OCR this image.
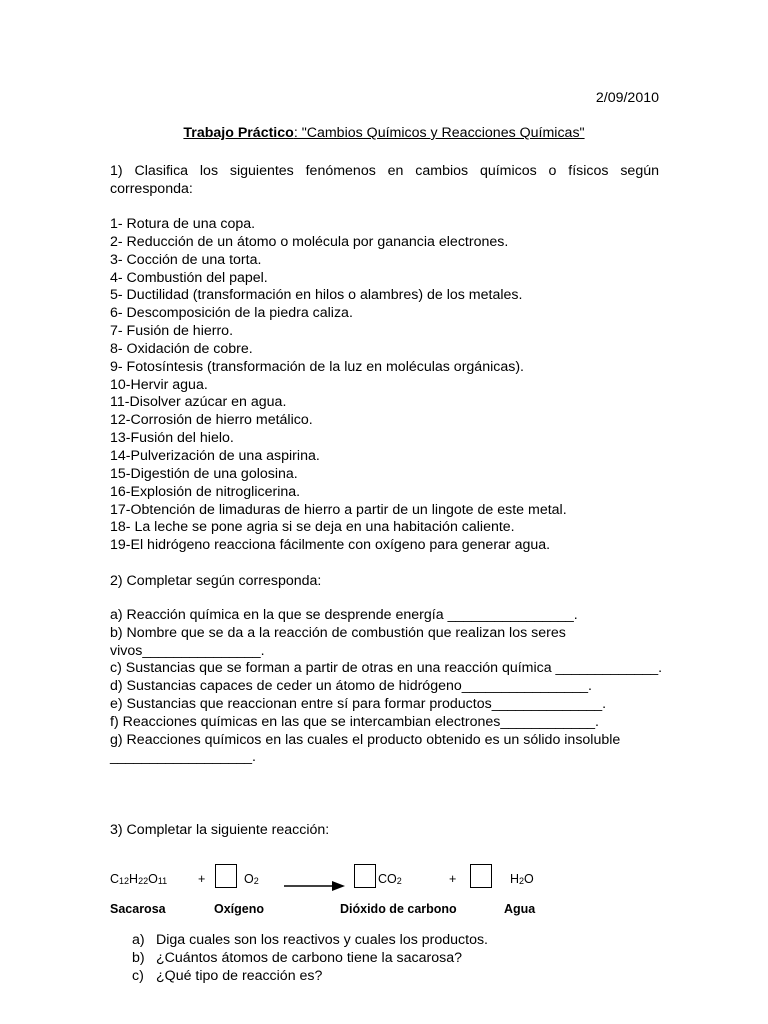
2/09/2010
Trabajo Práctico: "Cambios Químicos y Reacciones Químicas"
1) Clasifica los siguientes fenómenos en cambios químicos o físicos según corresponda:
1- Rotura de una copa.
2- Reducción de un átomo o molécula por ganancia electrones.
3- Cocción de una torta.
4- Combustión del papel.
5- Ductilidad (transformación en hilos o alambres) de los metales.
6- Descomposición de la piedra caliza.
7- Fusión de hierro.
8- Oxidación de cobre.
9- Fotosíntesis (transformación de la luz en moléculas orgánicas).
10-Hervir agua.
11-Disolver azúcar en agua.
12-Corrosión de hierro metálico.
13-Fusión del hielo.
14-Pulverización de una aspirina.
15-Digestión de una golosina.
16-Explosión de nitroglicerina.
17-Obtención de limaduras de hierro a partir de un lingote de este metal.
18- La leche se pone agria si se deja en una habitación caliente.
19-El hidrógeno reacciona fácilmente con oxígeno para generar agua.
2) Completar según corresponda:
a) Reacción química en la que se desprende energía ________________.
b) Nombre que se da a la reacción de combustión que realizan los seres vivos_______________.
c) Sustancias que se forman a partir de otras en una reacción química _____________.
d) Sustancias capaces de ceder un átomo de hidrógeno________________.
e) Sustancias que reaccionan entre sí para formar productos______________.
f) Reacciones químicas en las que se intercambian electrones____________.
g) Reacciones químicos en las cuales el producto obtenido es un sólido insoluble __________________.
3) Completar la siguiente reacción:
$C_{12}H_{22}O_{11}$ +	$O_2$	$CO_2$	+	$H_2O$
Sacarosa	Oxígeno	Dióxido de carbono	Agua
a) Diga cuales son los reactivos y cuales los productos.
b) ¿Cuántos átomos de carbono tiene la sacarosa?
c) ¿Qué tipo de reacción es?
